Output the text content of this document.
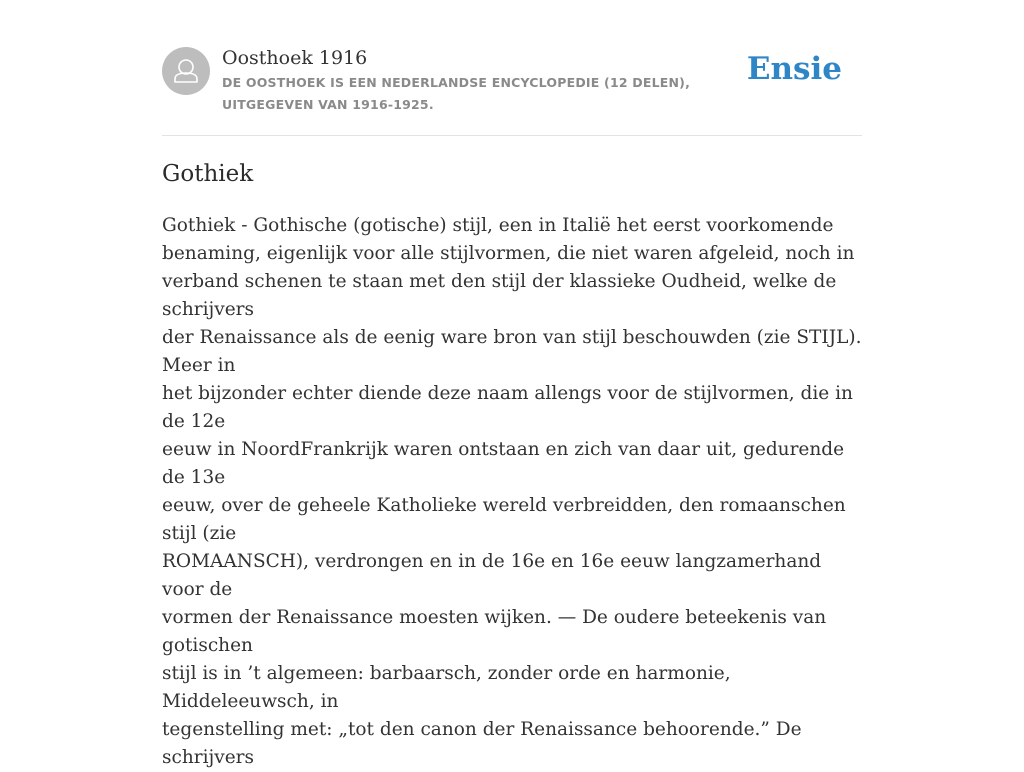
Oosthoek 1916
DE OOSTHOEK IS EEN NEDERLANDSE ENCYCLOPEDIE (12 DELEN), UITGEGEVEN VAN 1916-1925.
Ensie
Gothiek

Gothiek - Gothische (gotische) stijl, een in Italië het eerst voorkomende
benaming, eigenlijk voor alle stijlvormen, die niet waren afgeleid, noch in
verband schenen te staan met den stijl der klassieke Oudheid, welke de schrijvers
der Renaissance als de eenig ware bron van stijl beschouwden (zie STIJL). Meer in
het bijzonder echter diende deze naam allengs voor de stijlvormen, die in de 12e
eeuw in NoordFrankrijk waren ontstaan en zich van daar uit, gedurende de 13e
eeuw, over de geheele Katholieke wereld verbreidden, den romaanschen stijl (zie
ROMAANSCH), verdrongen en in de 16e en 16e eeuw langzamerhand voor de
vormen der Renaissance moesten wijken. — De oudere beteekenis van gotischen
stijl is in ’t algemeen: barbaarsch, zonder orde en harmonie, Middeleeuwsch, in
tegenstelling met: „tot den canon der Renaissance behoorende.” De schrijvers
